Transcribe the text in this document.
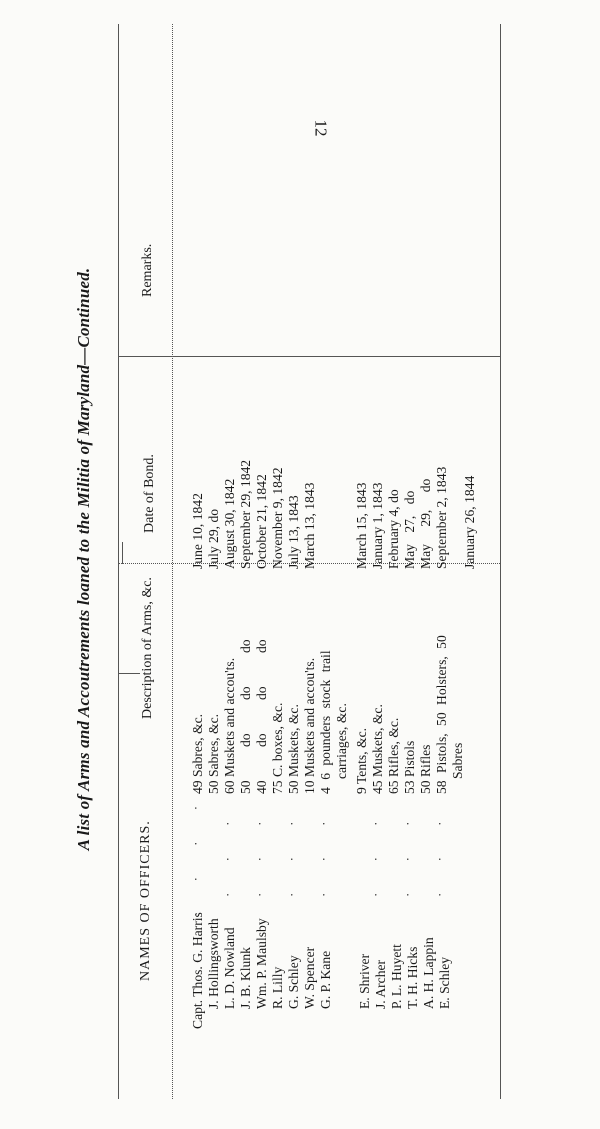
12
A list of Arms and Accoutrements loaned to the Militia of Maryland—Continued.
NAMES OF OFFICERS.
Description of Arms, &c.
Date of Bond.
Remarks.
Capt. Thos. G. Harris
49 Sabres, &c.
June 10, 1842
J. Hollingsworth
50 Sabres, &c.
July 29, do
L. D. Nowland
60 Muskets and accou'ts.
August 30, 1842
J. B. Klunk
50 do do do
September 29, 1842
Wm. P. Maulsby
40 do do do
October 21, 1842
R. Lilly
75 C. boxes, &c.
November 9, 1842
G. Schley
50 Muskets, &c.
July 13, 1843
W. Spencer
10 Muskets and accou'ts.
March 13, 1843
G. P. Kane
4 6 pounders stock trail carriages, &c.
E. Shriver
9 Tents, &c.
March 15, 1843
J. Archer
45 Muskets, &c.
January 1, 1843
P. L. Huyett
65 Rifles, &c.
February 4, do
T. H. Hicks
53 Pistols
May 27, do
A. H. Lappin
50 Rifles
May 29, do
E. Schley
58 Pistols, 50 Holsters, 50
September 2, 1843
Sabres
January 26, 1844
· · · · · · · · · · · · · · · ·	· · · · · · · · ·
